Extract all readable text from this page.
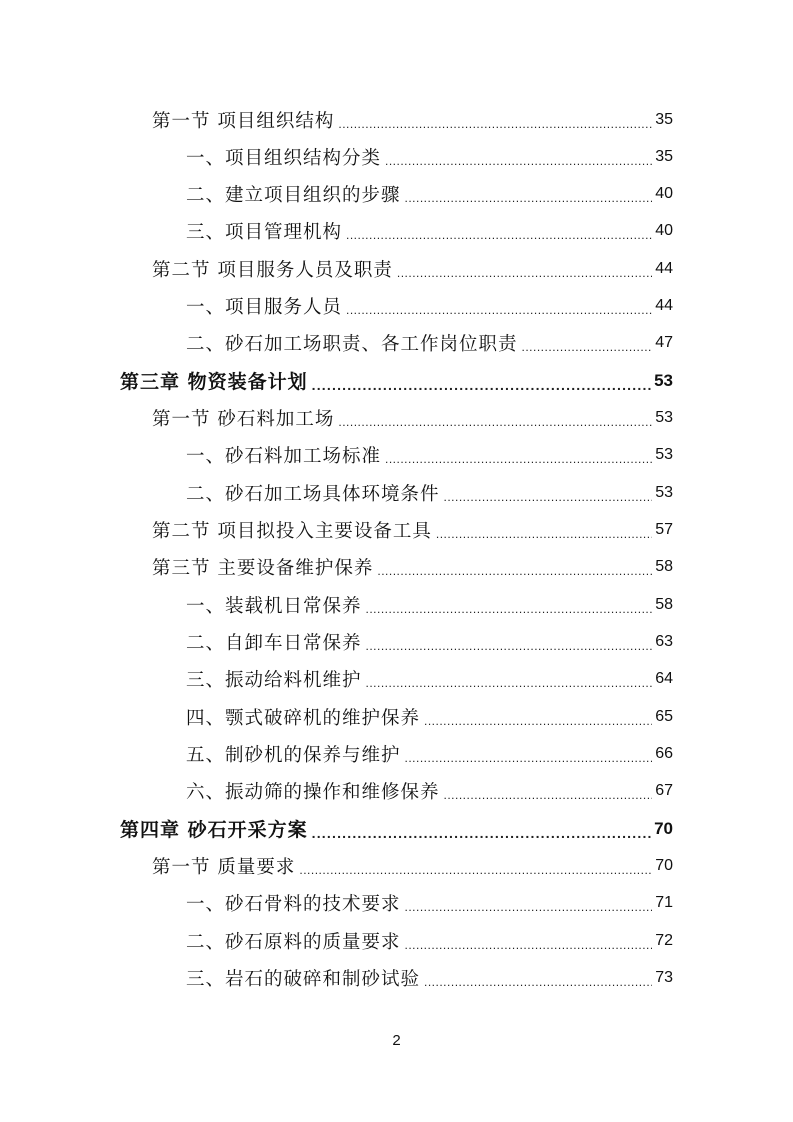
第一节 项目组织结构 .....	35
一、项目组织结构分类 .....	35
二、建立项目组织的步骤 .....	40
三、项目管理机构 .....	40
第二节 项目服务人员及职责 .....	44
一、项目服务人员 .....	44
二、砂石加工场职责、各工作岗位职责 .....	47
第三章 物资装备计划 .....	53
第一节 砂石料加工场 .....	53
一、砂石料加工场标准 .....	53
二、砂石加工场具体环境条件 .....	53
第二节 项目拟投入主要设备工具 .....	57
第三节 主要设备维护保养 .....	58
一、装载机日常保养 .....	58
二、自卸车日常保养 .....	63
三、振动给料机维护 .....	64
四、颚式破碎机的维护保养 .....	65
五、制砂机的保养与维护 .....	66
六、振动筛的操作和维修保养 .....	67
第四章 砂石开采方案 .....	70
第一节 质量要求 .....	70
一、砂石骨料的技术要求 .....	71
二、砂石原料的质量要求 .....	72
三、岩石的破碎和制砂试验 .....	73
2
